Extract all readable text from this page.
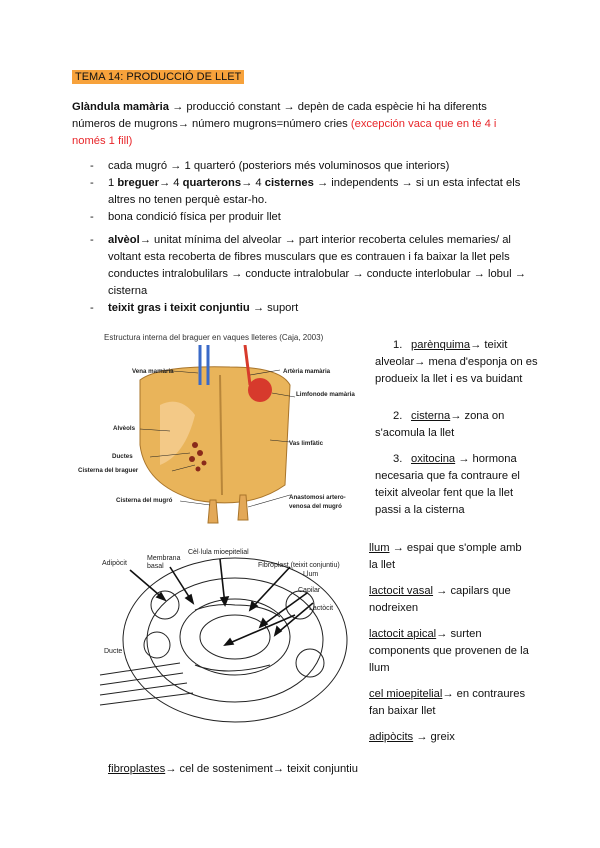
TEMA 14: PRODUCCIÓ DE LLET
Glàndula mamària → producció constant → depèn de cada espècie hi ha diferents números de mugrons→ número mugrons=número cries (excepción vaca que en té 4 i només 1 fill)
- cada mugró → 1 quarteró (posteriors més voluminosos que interiors)
- 1 breguer→ 4 quarterons→ 4 cisternes → independents → si un esta infectat els altres no tenen perquè estar-ho.
- bona condició física per produir llet
- alvèol→ unitat mínima del alveolar → part interior recoberta celules memaries/ al voltant esta recoberta de fibres musculars que es contrauen i fa baixar la llet pels conductes intralobulilars → conducte intralobular → conducte interlobular → lobul → cisterna
- teixit gras i teixit conjuntiu → suport
Estructura interna del braguer en vaques lleteres (Caja, 2003)
Vena mamària	Artèria mamària
Limfonode mamària
Alvèols
Vas limfàtic
Ductes
Cisterna del braguer
Cisterna del mugró	Anastomosi artero-venosa del mugró
1. parènquima→ teixit alveolar→ mena d'esponja on es produeix la llet i es va buidant
2. cisterna→ zona on s'acomula la llet
3. oxitocina → hormona necesaria que fa contraure el teixit alveolar fent que la llet passi a la cisterna
Adipòcit
Membrana basal
Cèl·lula mioepitelial
Fibroplast (teixit conjuntiu)
Llum
Capilar
Lactòcit
Ducte
llum → espai que s'omple amb la llet
lactocit vasal → capilars que nodreixen
lactocit apical→ surten components que provenen de la llum
cel mioepitelial→ en contraures fan baixar llet
adipòcits → greix
fibroplastes→ cel de sosteniment→ teixit conjuntiu
